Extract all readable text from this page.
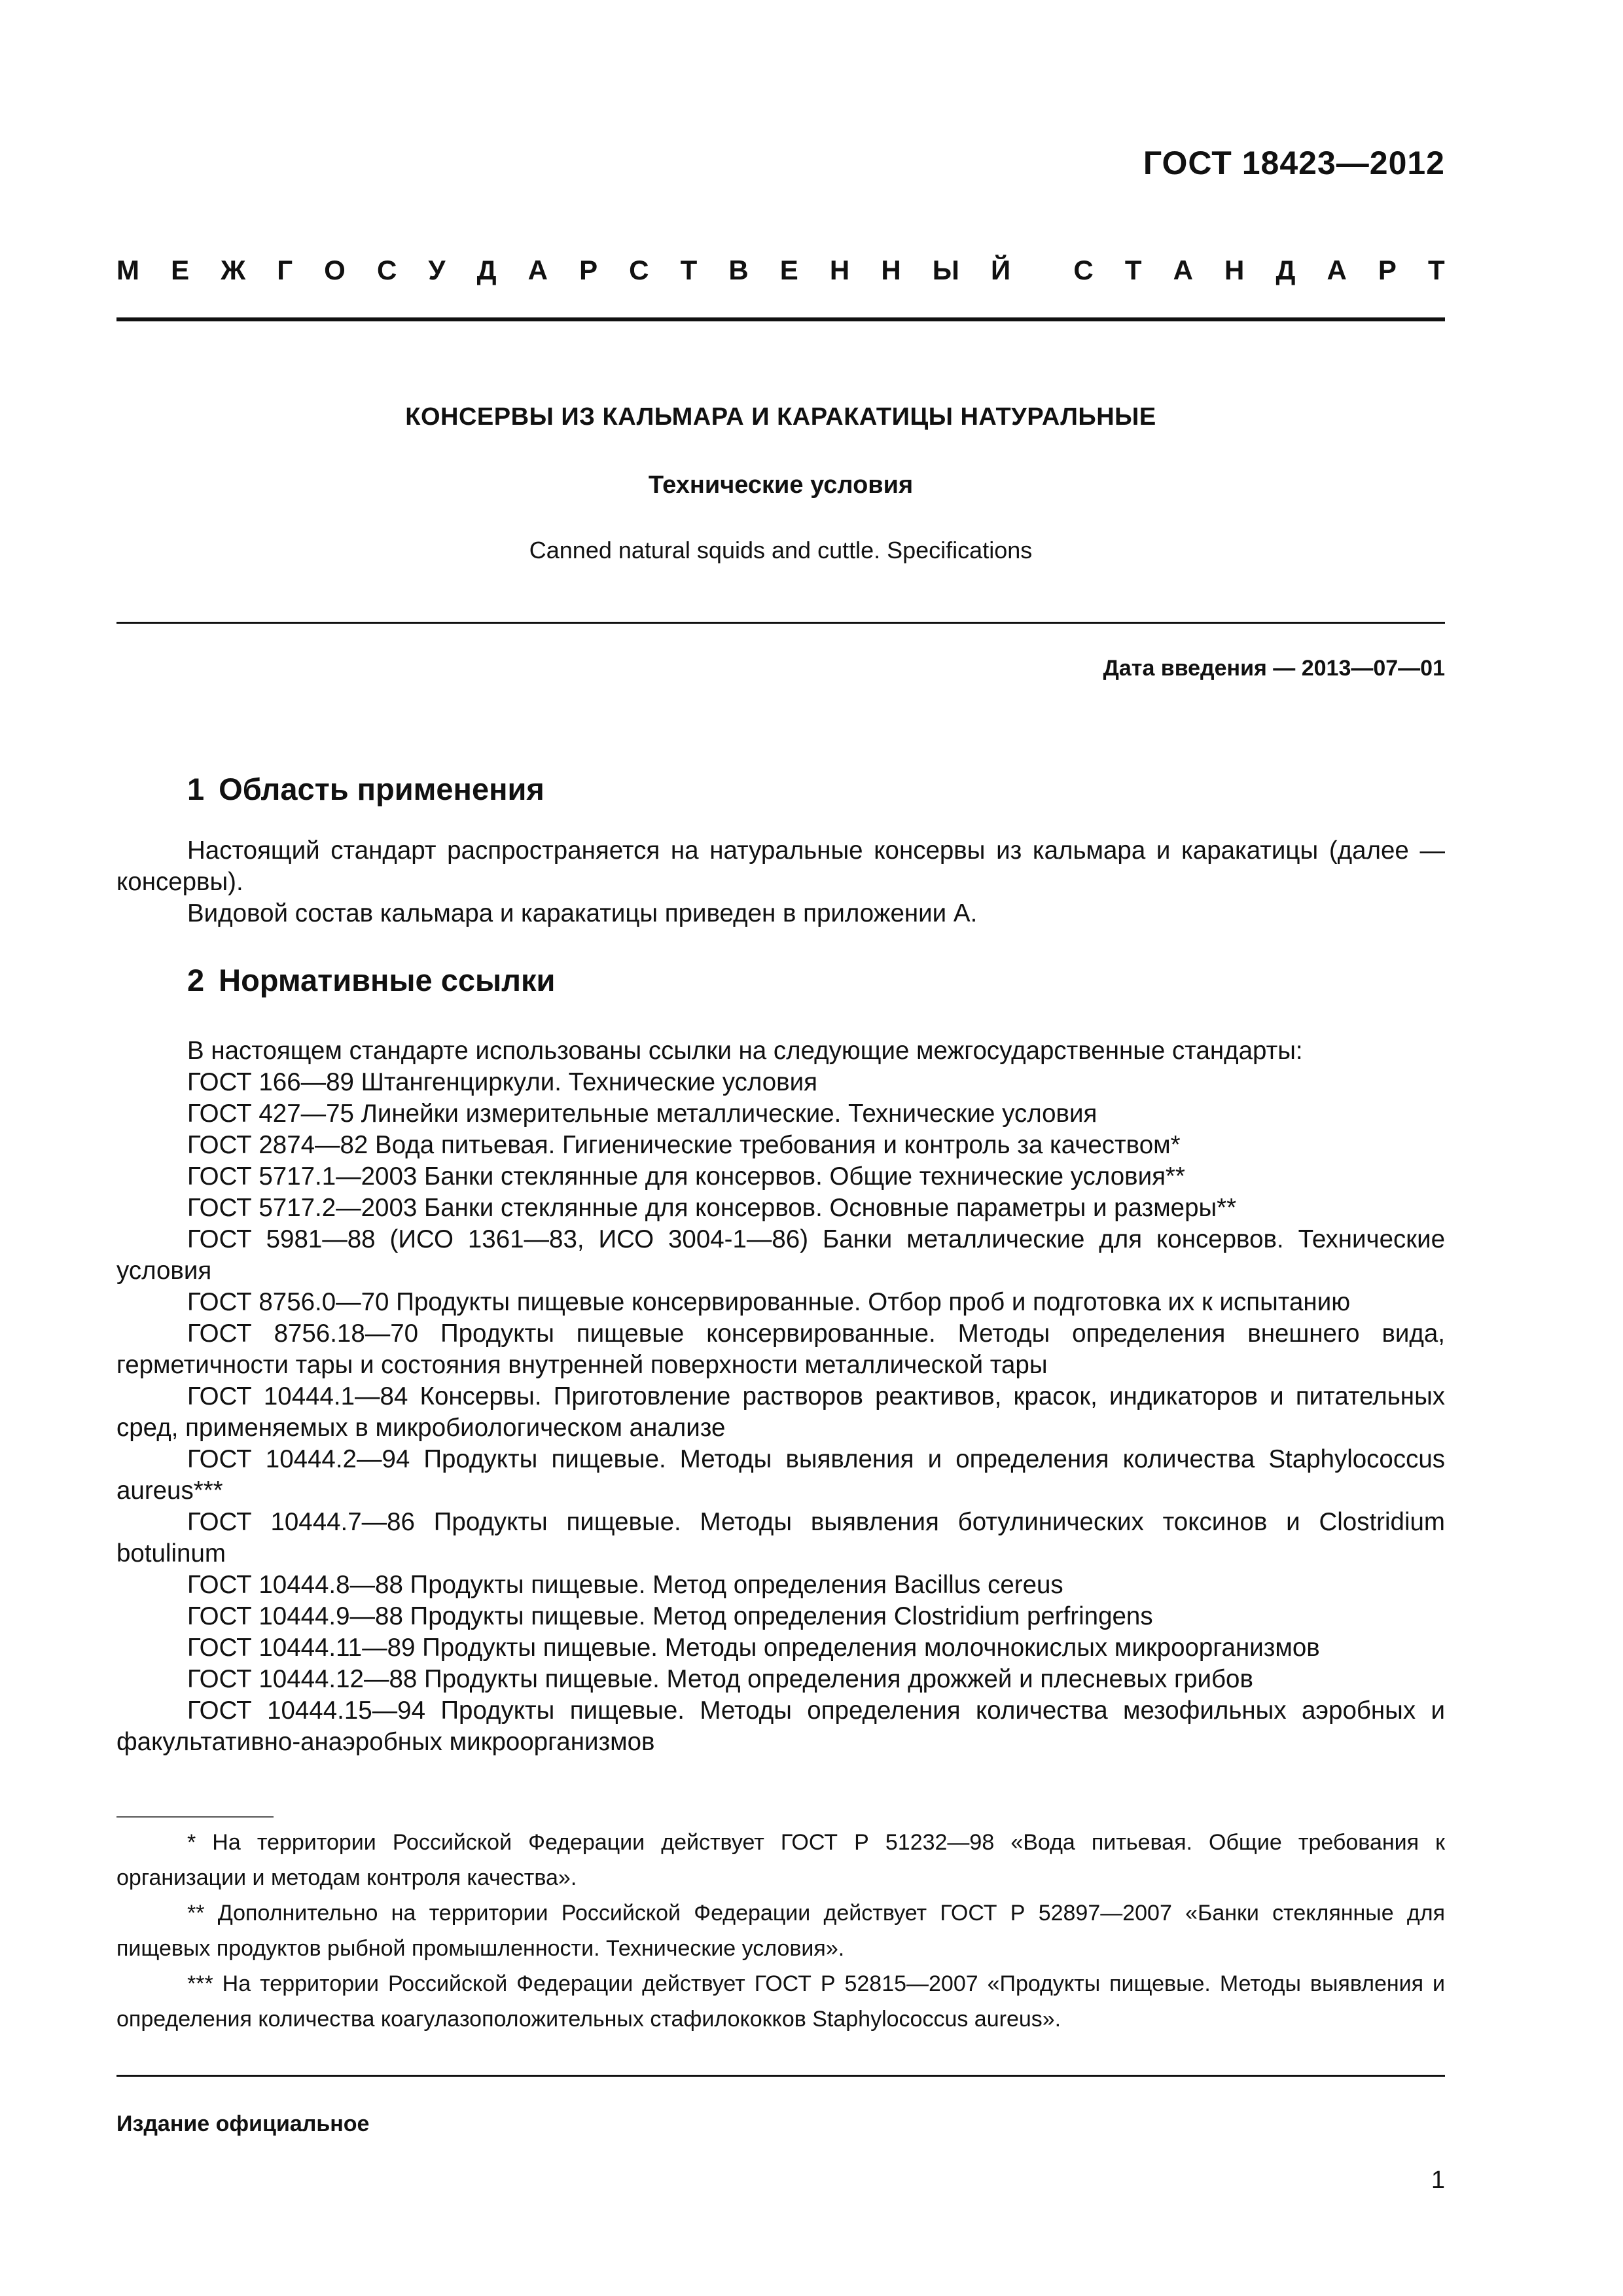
ГОСТ 18423—2012
М Е Ж Г О С У Д А Р С Т В Е Н Н Ы Й С Т А Н Д А Р Т
КОНСЕРВЫ ИЗ КАЛЬМАРА И КАРАКАТИЦЫ НАТУРАЛЬНЫЕ
Технические условия
Canned natural squids and cuttle. Specifications
Дата введения — 2013—07—01
1 Область применения

Настоящий стандарт распространяется на натуральные консервы из кальмара и каракатицы (далее — консервы).

Видовой состав кальмара и каракатицы приведен в приложении А.

2 Нормативные ссылки

В настоящем стандарте использованы ссылки на следующие межгосударственные стандарты:

ГОСТ 166—89 Штангенциркули. Технические условия

ГОСТ 427—75 Линейки измерительные металлические. Технические условия

ГОСТ 2874—82 Вода питьевая. Гигиенические требования и контроль за качеством*

ГОСТ 5717.1—2003 Банки стеклянные для консервов. Общие технические условия**

ГОСТ 5717.2—2003 Банки стеклянные для консервов. Основные параметры и размеры**

ГОСТ 5981—88 (ИСО 1361—83, ИСО 3004-1—86) Банки металлические для консервов. Технические условия

ГОСТ 8756.0—70 Продукты пищевые консервированные. Отбор проб и подготовка их к испытанию

ГОСТ 8756.18—70 Продукты пищевые консервированные. Методы определения внешнего вида, герметичности тары и состояния внутренней поверхности металлической тары

ГОСТ 10444.1—84 Консервы. Приготовление растворов реактивов, красок, индикаторов и питательных сред, применяемых в микробиологическом анализе

ГОСТ 10444.2—94 Продукты пищевые. Методы выявления и определения количества Staphylococcus aureus***

ГОСТ 10444.7—86 Продукты пищевые. Методы выявления ботулинических токсинов и Clostridium botulinum

ГОСТ 10444.8—88 Продукты пищевые. Метод определения Bacillus cereus

ГОСТ 10444.9—88 Продукты пищевые. Метод определения Clostridium perfringens

ГОСТ 10444.11—89 Продукты пищевые. Методы определения молочнокислых микроорганизмов

ГОСТ 10444.12—88 Продукты пищевые. Метод определения дрожжей и плесневых грибов

ГОСТ 10444.15—94 Продукты пищевые. Методы определения количества мезофильных аэробных и факультативно-анаэробных микроорганизмов

* На территории Российской Федерации действует ГОСТ Р 51232—98 «Вода питьевая. Общие требования к организации и методам контроля качества».

** Дополнительно на территории Российской Федерации действует ГОСТ Р 52897—2007 «Банки стеклянные для пищевых продуктов рыбной промышленности. Технические условия».

*** На территории Российской Федерации действует ГОСТ Р 52815—2007 «Продукты пищевые. Методы выявления и определения количества коагулазоположительных стафилококков Staphylococcus aureus».

Издание официальное
1
